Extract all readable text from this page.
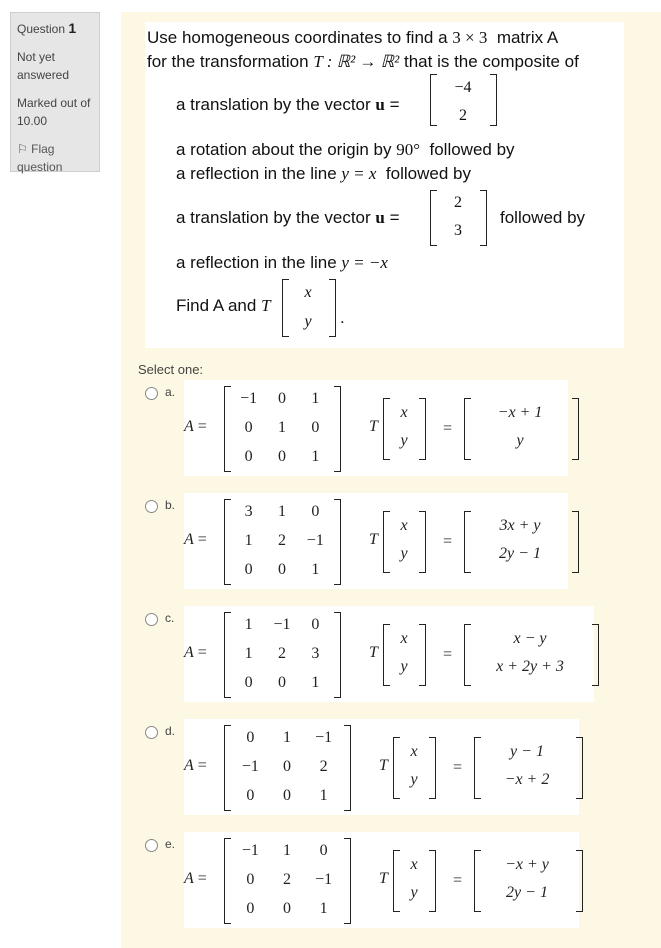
Question 1

Not yet answered

Marked out of
10.00

⚐ Flag question

Use homogeneous coordinates to find a 3 × 3 matrix A
for the transformation T : ℝ² → ℝ² that is the composite of
a translation by the vector u =
−4
2
a rotation about the origin by 90° followed by
a reflection in the line y = x followed by
a translation by the vector u =
2
3
followed by
a reflection in the line y = −x
Find A and T
x
y	.
Select one:
a.
A =
−1	0	1
0	1	0
0	0	1
T
x
y
=
−x + 1
y
b.
A =
3	1	0
1	2	−1
0	0	1
T
x
y
=
3x + y
2y − 1
c.
A =
1	−1	0
1	2	3
0	0	1
T
x
y
=
x − y
x + 2y + 3
d.
A =
0	1	−1
−1	0	2
0	0	1
T
x
y
=
y − 1
−x + 2
e.
A =
−1	1	0
0	2	−1
0	0	1
T
x
y
=
−x + y
2y − 1
